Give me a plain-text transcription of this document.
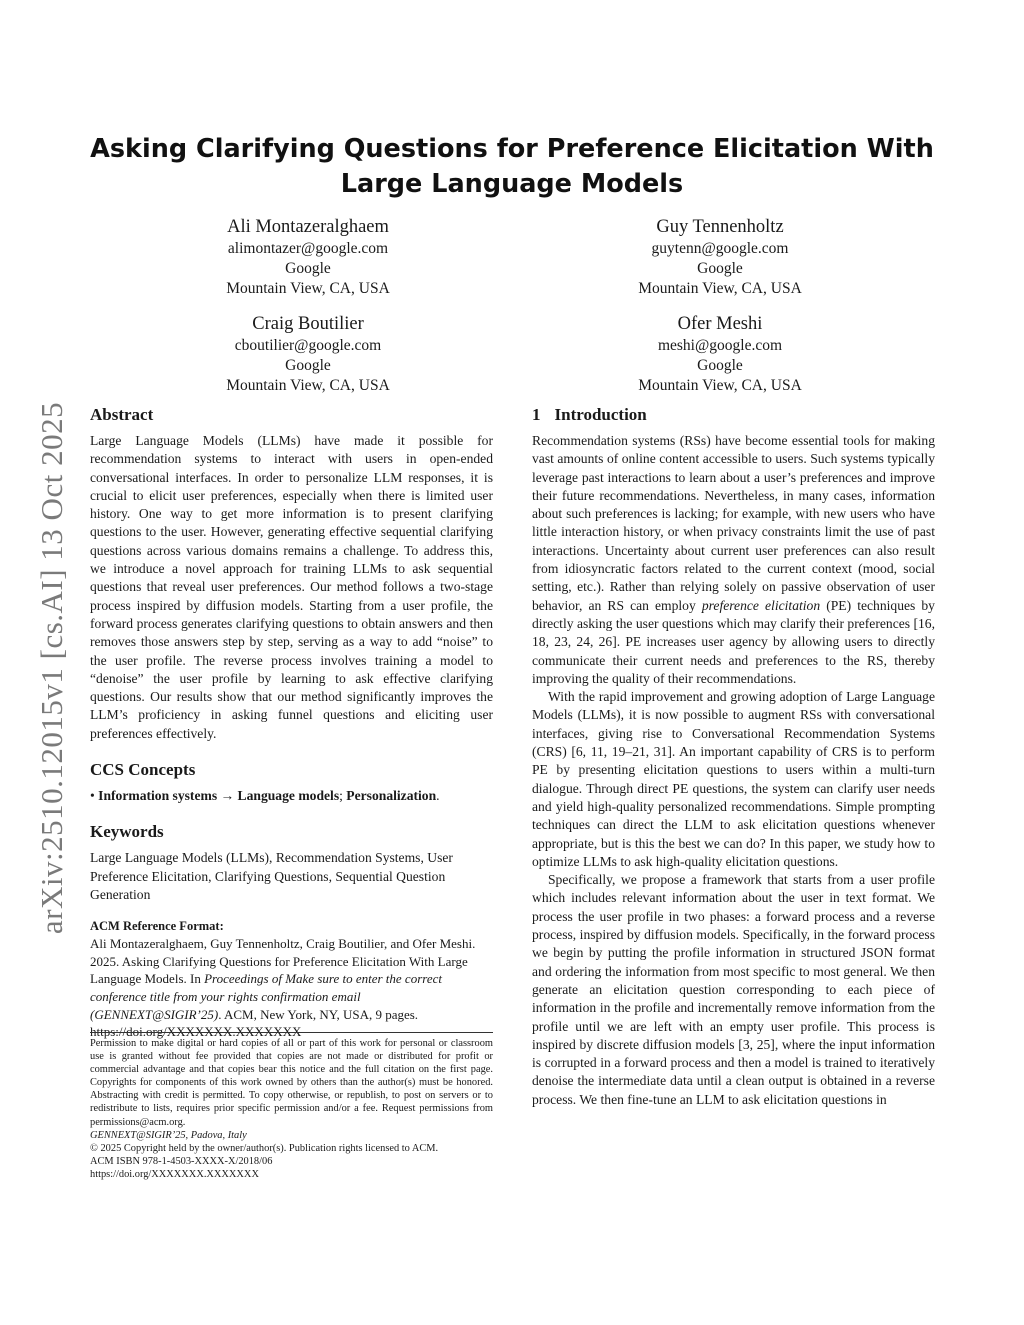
arXiv:2510.12015v1 [cs.AI] 13 Oct 2025
Asking Clarifying Questions for Preference Elicitation With
Large Language Models
Ali Montazeralghaem
alimontazer@google.com
Google
Mountain View, CA, USA
Guy Tennenholtz
guytenn@google.com
Google
Mountain View, CA, USA
Craig Boutilier
cboutilier@google.com
Google
Mountain View, CA, USA
Ofer Meshi
meshi@google.com
Google
Mountain View, CA, USA
Abstract

Large Language Models (LLMs) have made it possible for recommendation systems to interact with users in open-ended conversational interfaces. In order to personalize LLM responses, it is crucial to elicit user preferences, especially when there is limited user history. One way to get more information is to present clarifying questions to the user. However, generating effective sequential clarifying questions across various domains remains a challenge. To address this, we introduce a novel approach for training LLMs to ask sequential questions that reveal user preferences. Our method follows a two-stage process inspired by diffusion models. Starting from a user profile, the forward process generates clarifying questions to obtain answers and then removes those answers step by step, serving as a way to add “noise” to the user profile. The reverse process involves training a model to “denoise” the user profile by learning to ask effective clarifying questions. Our results show that our method significantly improves the LLM’s proficiency in asking funnel questions and eliciting user preferences effectively.

CCS Concepts

• Information systems → Language models; Personalization.

Keywords

Large Language Models (LLMs), Recommendation Systems, User Preference Elicitation, Clarifying Questions, Sequential Question Generation

ACM Reference Format:

Ali Montazeralghaem, Guy Tennenholtz, Craig Boutilier, and Ofer Meshi. 2025. Asking Clarifying Questions for Preference Elicitation With Large Language Models. In Proceedings of Make sure to enter the correct conference title from your rights confirmation email (GENNEXT@SIGIR’25). ACM, New York, NY, USA, 9 pages. https://doi.org/XXXXXXX.XXXXXXX

Permission to make digital or hard copies of all or part of this work for personal or classroom use is granted without fee provided that copies are not made or distributed for profit or commercial advantage and that copies bear this notice and the full citation on the first page. Copyrights for components of this work owned by others than the author(s) must be honored. Abstracting with credit is permitted. To copy otherwise, or republish, to post on servers or to redistribute to lists, requires prior specific permission and/or a fee. Request permissions from permissions@acm.org.

GENNEXT@SIGIR’25, Padova, Italy

© 2025 Copyright held by the owner/author(s). Publication rights licensed to ACM.

ACM ISBN 978-1-4503-XXXX-X/2018/06

https://doi.org/XXXXXXX.XXXXXXX

1 Introduction

Recommendation systems (RSs) have become essential tools for making vast amounts of online content accessible to users. Such systems typically leverage past interactions to learn about a user’s preferences and improve their future recommendations. Nevertheless, in many cases, information about such preferences is lacking; for example, with new users who have little interaction history, or when privacy constraints limit the use of past interactions. Uncertainty about current user preferences can also result from idiosyncratic factors related to the current context (mood, social setting, etc.). Rather than relying solely on passive observation of user behavior, an RS can employ preference elicitation (PE) techniques by directly asking the user questions which may clarify their preferences [16, 18, 23, 24, 26]. PE increases user agency by allowing users to directly communicate their current needs and preferences to the RS, thereby improving the quality of their recommendations.

With the rapid improvement and growing adoption of Large Language Models (LLMs), it is now possible to augment RSs with conversational interfaces, giving rise to Conversational Recommendation Systems (CRS) [6, 11, 19–21, 31]. An important capability of CRS is to perform PE by presenting elicitation questions to users within a multi-turn dialogue. Through direct PE questions, the system can clarify user needs and yield high-quality personalized recommendations. Simple prompting techniques can direct the LLM to ask elicitation questions whenever appropriate, but is this the best we can do? In this paper, we study how to optimize LLMs to ask high-quality elicitation questions.

Specifically, we propose a framework that starts from a user profile which includes relevant information about the user in text format. We process the user profile in two phases: a forward process and a reverse process, inspired by diffusion models. Specifically, in the forward process we begin by putting the profile information in structured JSON format and ordering the information from most specific to most general. We then generate an elicitation question corresponding to each piece of information in the profile and incrementally remove information from the profile until we are left with an empty user profile. This process is inspired by discrete diffusion models [3, 25], where the input information is corrupted in a forward process and then a model is trained to iteratively denoise the intermediate data until a clean output is obtained in a reverse process. We then fine-tune an LLM to ask elicitation questions in
